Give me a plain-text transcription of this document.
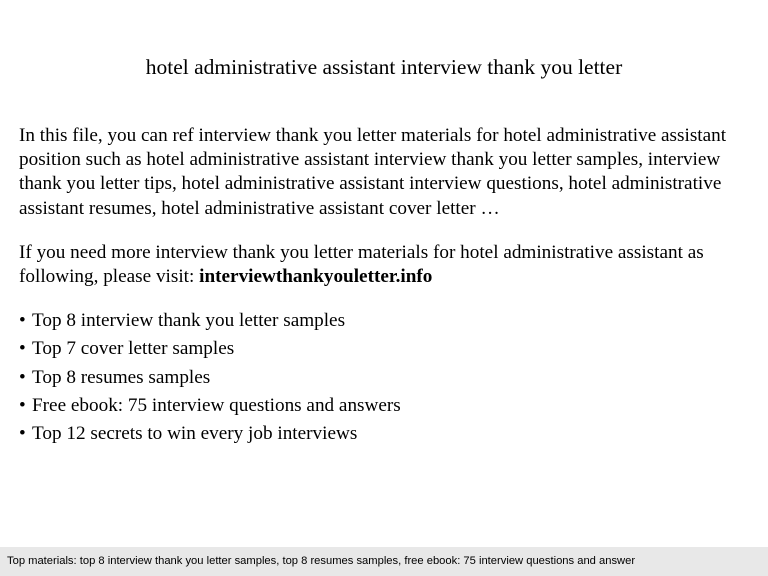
hotel administrative assistant interview thank you letter

In this file, you can ref interview thank you letter materials for hotel administrative assistant position such as hotel administrative assistant interview thank you letter samples, interview thank you letter tips, hotel administrative assistant interview questions, hotel administrative assistant resumes, hotel administrative assistant cover letter …

If you need more interview thank you letter materials for hotel administrative assistant as following, please visit: interviewthankyouletter.info

• Top 8 interview thank you letter samples
• Top 7 cover letter samples
• Top 8 resumes samples
• Free ebook: 75 interview questions and answers
• Top 12 secrets to win every job interviews
Top materials: top 8 interview thank you letter samples, top 8 resumes samples, free ebook: 75 interview questions and answer
